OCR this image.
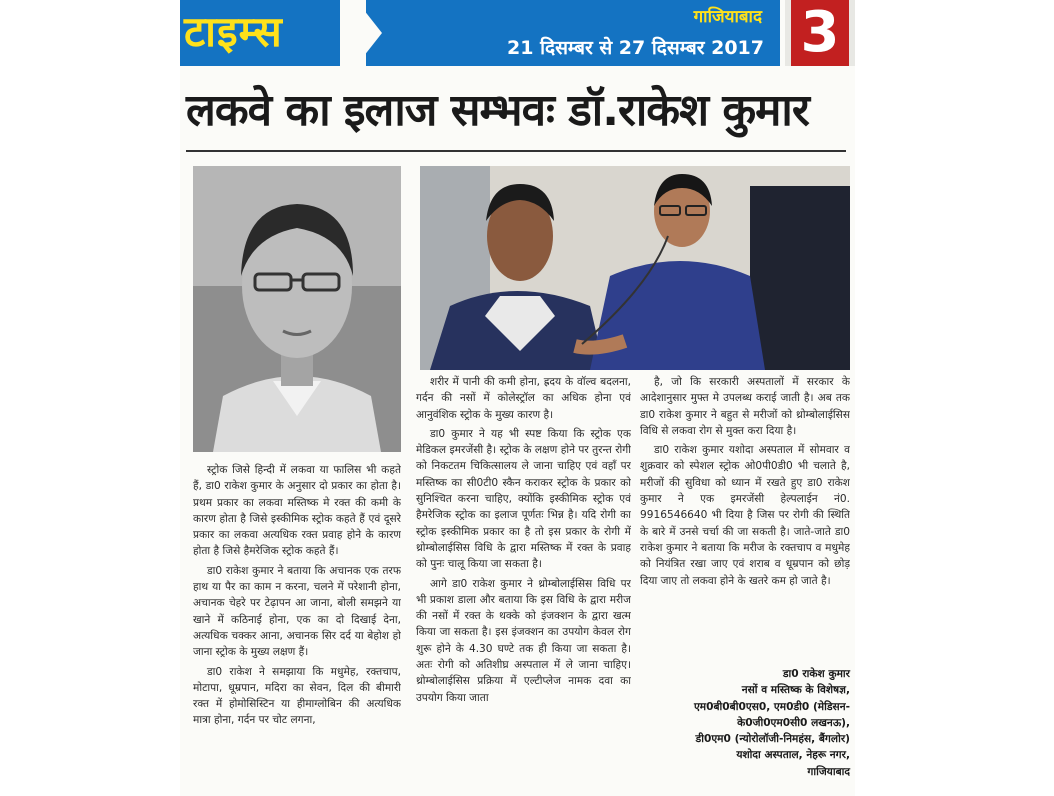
टाइम्स	गाजियाबाद
21 दिसम्बर से 27 दिसम्बर 2017 3
लकवे का इलाज सम्भवः डॉ.राकेश कुमार

स्ट्रोक जिसे हिन्दी में लकवा या फालिस भी कहते हैं, डा0 राकेश कुमार के अनुसार दो प्रकार का होता है। प्रथम प्रकार का लकवा मस्तिष्क मे रक्त की कमी के कारण होता है जिसे इस्कीमिक स्ट्रोक कहते हैं एवं दूसरे प्रकार का लकवा अत्यधिक रक्त प्रवाह होने के कारण होता है जिसे हैमरेजिक स्ट्रोक कहते हैं।

डा0 राकेश कुमार ने बताया कि अचानक एक तरफ हाथ या पैर का काम न करना, चलने में परेशानी होना, अचानक चेहरे पर टेढ़ापन आ जाना, बोली समझने या खाने में कठिनाई होना, एक का दो दिखाई देना, अत्यधिक चक्कर आना, अचानक सिर दर्द या बेहोश हो जाना स्ट्रोक के मुख्य लक्षण हैं।

डा0 राकेश ने समझाया कि मधुमेह, रक्तचाप, मोटापा, धूम्रपान, मदिरा का सेवन, दिल की बीमारी रक्त में होमोसिस्टिन या हीमाग्लोबिन की अत्यधिक मात्रा होना, गर्दन पर चोट लगना,

शरीर में पानी की कमी होना, ह्रदय के वॉल्व बदलना, गर्दन की नसों में कोलेस्ट्रॉल का अधिक होना एवं आनुवंशिक स्ट्रोक के मुख्य कारण है।

डा0 कुमार ने यह भी स्पष्ट किया कि स्ट्रोक एक मेडिकल इमरजेंसी है। स्ट्रोक के लक्षण होने पर तुरन्त रोगी को निकटतम चिकित्सालय ले जाना चाहिए एवं वहाँ पर मस्तिष्क का सी0टी0 स्कैन कराकर स्ट्रोक के प्रकार को सुनिश्चित करना चाहिए, क्योंकि इस्कीमिक स्ट्रोक एवं हैमरेजिक स्ट्रोक का इलाज पूर्णतः भिन्न है। यदि रोगी का स्ट्रोक इस्कीमिक प्रकार का है तो इस प्रकार के रोगी में थ्रोम्बोलाईसिस विधि के द्वारा मस्तिष्क में रक्त के प्रवाह को पुनः चालू किया जा सकता है।

आगे डा0 राकेश कुमार ने थ्रोम्बोलाईसिस विधि पर भी प्रकाश डाला और बताया कि इस विधि के द्वारा मरीज की नसों में रक्त के थक्के को इंजक्शन के द्वारा खत्म किया जा सकता है। इस इंजक्शन का उपयोग केवल रोग शुरू होने के 4.30 घण्टे तक ही किया जा सकता है। अतः रोगी को अतिशीघ्र अस्पताल में ले जाना चाहिए। थ्रोम्बोलाईसिस प्रक्रिया में एल्टीप्लेज नामक दवा का उपयोग किया जाता

है, जो कि सरकारी अस्पतालों में सरकार के आदेशानुसार मुफ्त मे उपलब्ध कराई जाती है। अब तक डा0 राकेश कुमार ने बहुत से मरीजों को थ्रोम्बोलाईसिस विधि से लकवा रोग से मुक्त करा दिया है।

डा0 राकेश कुमार यशोदा अस्पताल में सोमवार व शुक्रवार को स्पेशल स्ट्रोक ओ0पी0डी0 भी चलाते है, मरीजों की सुविधा को ध्यान में रखते हुए डा0 राकेश कुमार ने एक इमरजेंसी हेल्पलाईन नं0. 9916546640 भी दिया है जिस पर रोगी की स्थिति के बारे में उनसे चर्चा की जा सकती है। जाते-जाते डा0 राकेश कुमार ने बताया कि मरीज के रक्तचाप व मधुमेह को नियंत्रित रखा जाए एवं शराब व धूम्रपान को छोड़ दिया जाए तो लकवा होने के खतरे कम हो जाते है।

डा0 राकेश कुमार
नसों व मस्तिष्क के विशेषज्ञ,
एम0बी0बी0एस0, एम0डी0 (मेडिसन-
के0जी0एम0सी0 लखनऊ),
डी0एम0 (न्योरोलॉजी-निमहंस, बैंगलोर)
यशोदा अस्पताल, नेहरू नगर,
गाजियाबाद
